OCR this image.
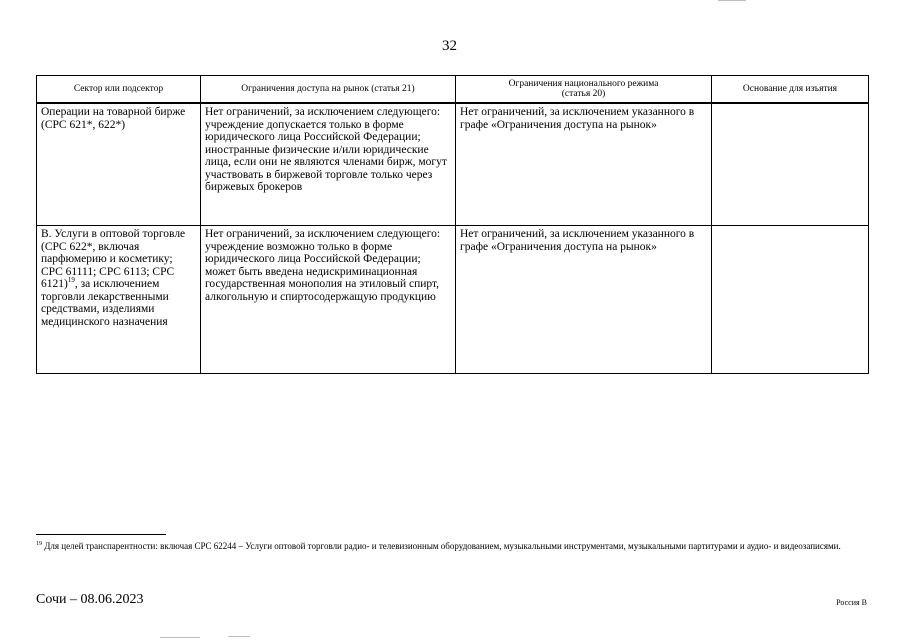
32
Сектор или подсектор	Ограничения доступа на рынок (статья 21)	Ограничения национального режима
(статья 20)	Основание для изъятия
Операции на товарной бирже (CPC 621*, 622*)	Нет ограничений, за исключением следующего:
учреждение допускается только в форме юридического лица Российской Федерации;
иностранные физические и/или юридические лица, если они не являются членами бирж, могут участвовать в биржевой торговле только через биржевых брокеров	Нет ограничений, за исключением указанного в графе «Ограничения доступа на рынок»	
B. Услуги в оптовой торговле (CPC 622*, включая парфюмерию и косметику; CPC 61111; CPC 6113; CPC 6121)$^{19}$, за исключением торговли лекарственными средствами, изделиями медицинского назначения	Нет ограничений, за исключением следующего:
учреждение возможно только в форме юридического лица Российской Федерации;
может быть введена недискриминационная государственная монополия на этиловый спирт, алкогольную и спиртосодержащую продукцию	Нет ограничений, за исключением указанного в графе «Ограничения доступа на рынок»	
$^{19}$ Для целей транспарентности: включая CPC 62244 – Услуги оптовой торговли радио- и телевизионным оборудованием, музыкальными инструментами, музыкальными партитурами и аудио- и видеозаписями.
Сочи – 08.06.2023	Россия В
